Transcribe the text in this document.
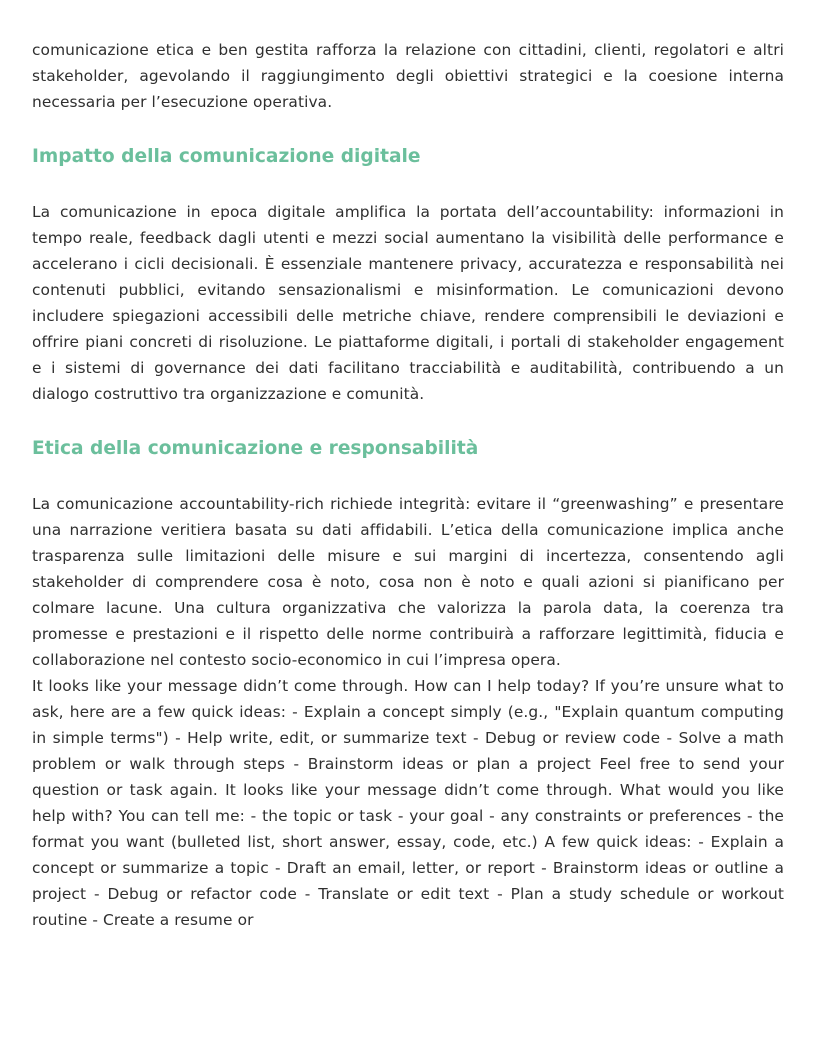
comunicazione etica e ben gestita rafforza la relazione con cittadini, clienti, regolatori e altri stakeholder, agevolando il raggiungimento degli obiettivi strategici e la coesione interna necessaria per l’esecuzione operativa.

Impatto della comunicazione digitale

La comunicazione in epoca digitale amplifica la portata dell’accountability: informazioni in tempo reale, feedback dagli utenti e mezzi social aumentano la visibilità delle performance e accelerano i cicli decisionali. È essenziale mantenere privacy, accuratezza e responsabilità nei contenuti pubblici, evitando sensazionalismi e misinformation. Le comunicazioni devono includere spiegazioni accessibili delle metriche chiave, rendere comprensibili le deviazioni e offrire piani concreti di risoluzione. Le piattaforme digitali, i portali di stakeholder engagement e i sistemi di governance dei dati facilitano tracciabilità e auditabilità, contribuendo a un dialogo costruttivo tra organizzazione e comunità.

Etica della comunicazione e responsabilità

La comunicazione accountability-rich richiede integrità: evitare il “greenwashing” e presentare una narrazione veritiera basata su dati affidabili. L’etica della comunicazione implica anche trasparenza sulle limitazioni delle misure e sui margini di incertezza, consentendo agli stakeholder di comprendere cosa è noto, cosa non è noto e quali azioni si pianificano per colmare lacune. Una cultura organizzativa che valorizza la parola data, la coerenza tra promesse e prestazioni e il rispetto delle norme contribuirà a rafforzare legittimità, fiducia e collaborazione nel contesto socio-economico in cui l’impresa opera.

It looks like your message didn’t come through. How can I help today? If you’re unsure what to ask, here are a few quick ideas: - Explain a concept simply (e.g., "Explain quantum computing in simple terms") - Help write, edit, or summarize text - Debug or review code - Solve a math problem or walk through steps - Brainstorm ideas or plan a project Feel free to send your question or task again. It looks like your message didn’t come through. What would you like help with? You can tell me: - the topic or task - your goal - any constraints or preferences - the format you want (bulleted list, short answer, essay, code, etc.) A few quick ideas: - Explain a concept or summarize a topic - Draft an email, letter, or report - Brainstorm ideas or outline a project - Debug or refactor code - Translate or edit text - Plan a study schedule or workout routine - Create a resume or
